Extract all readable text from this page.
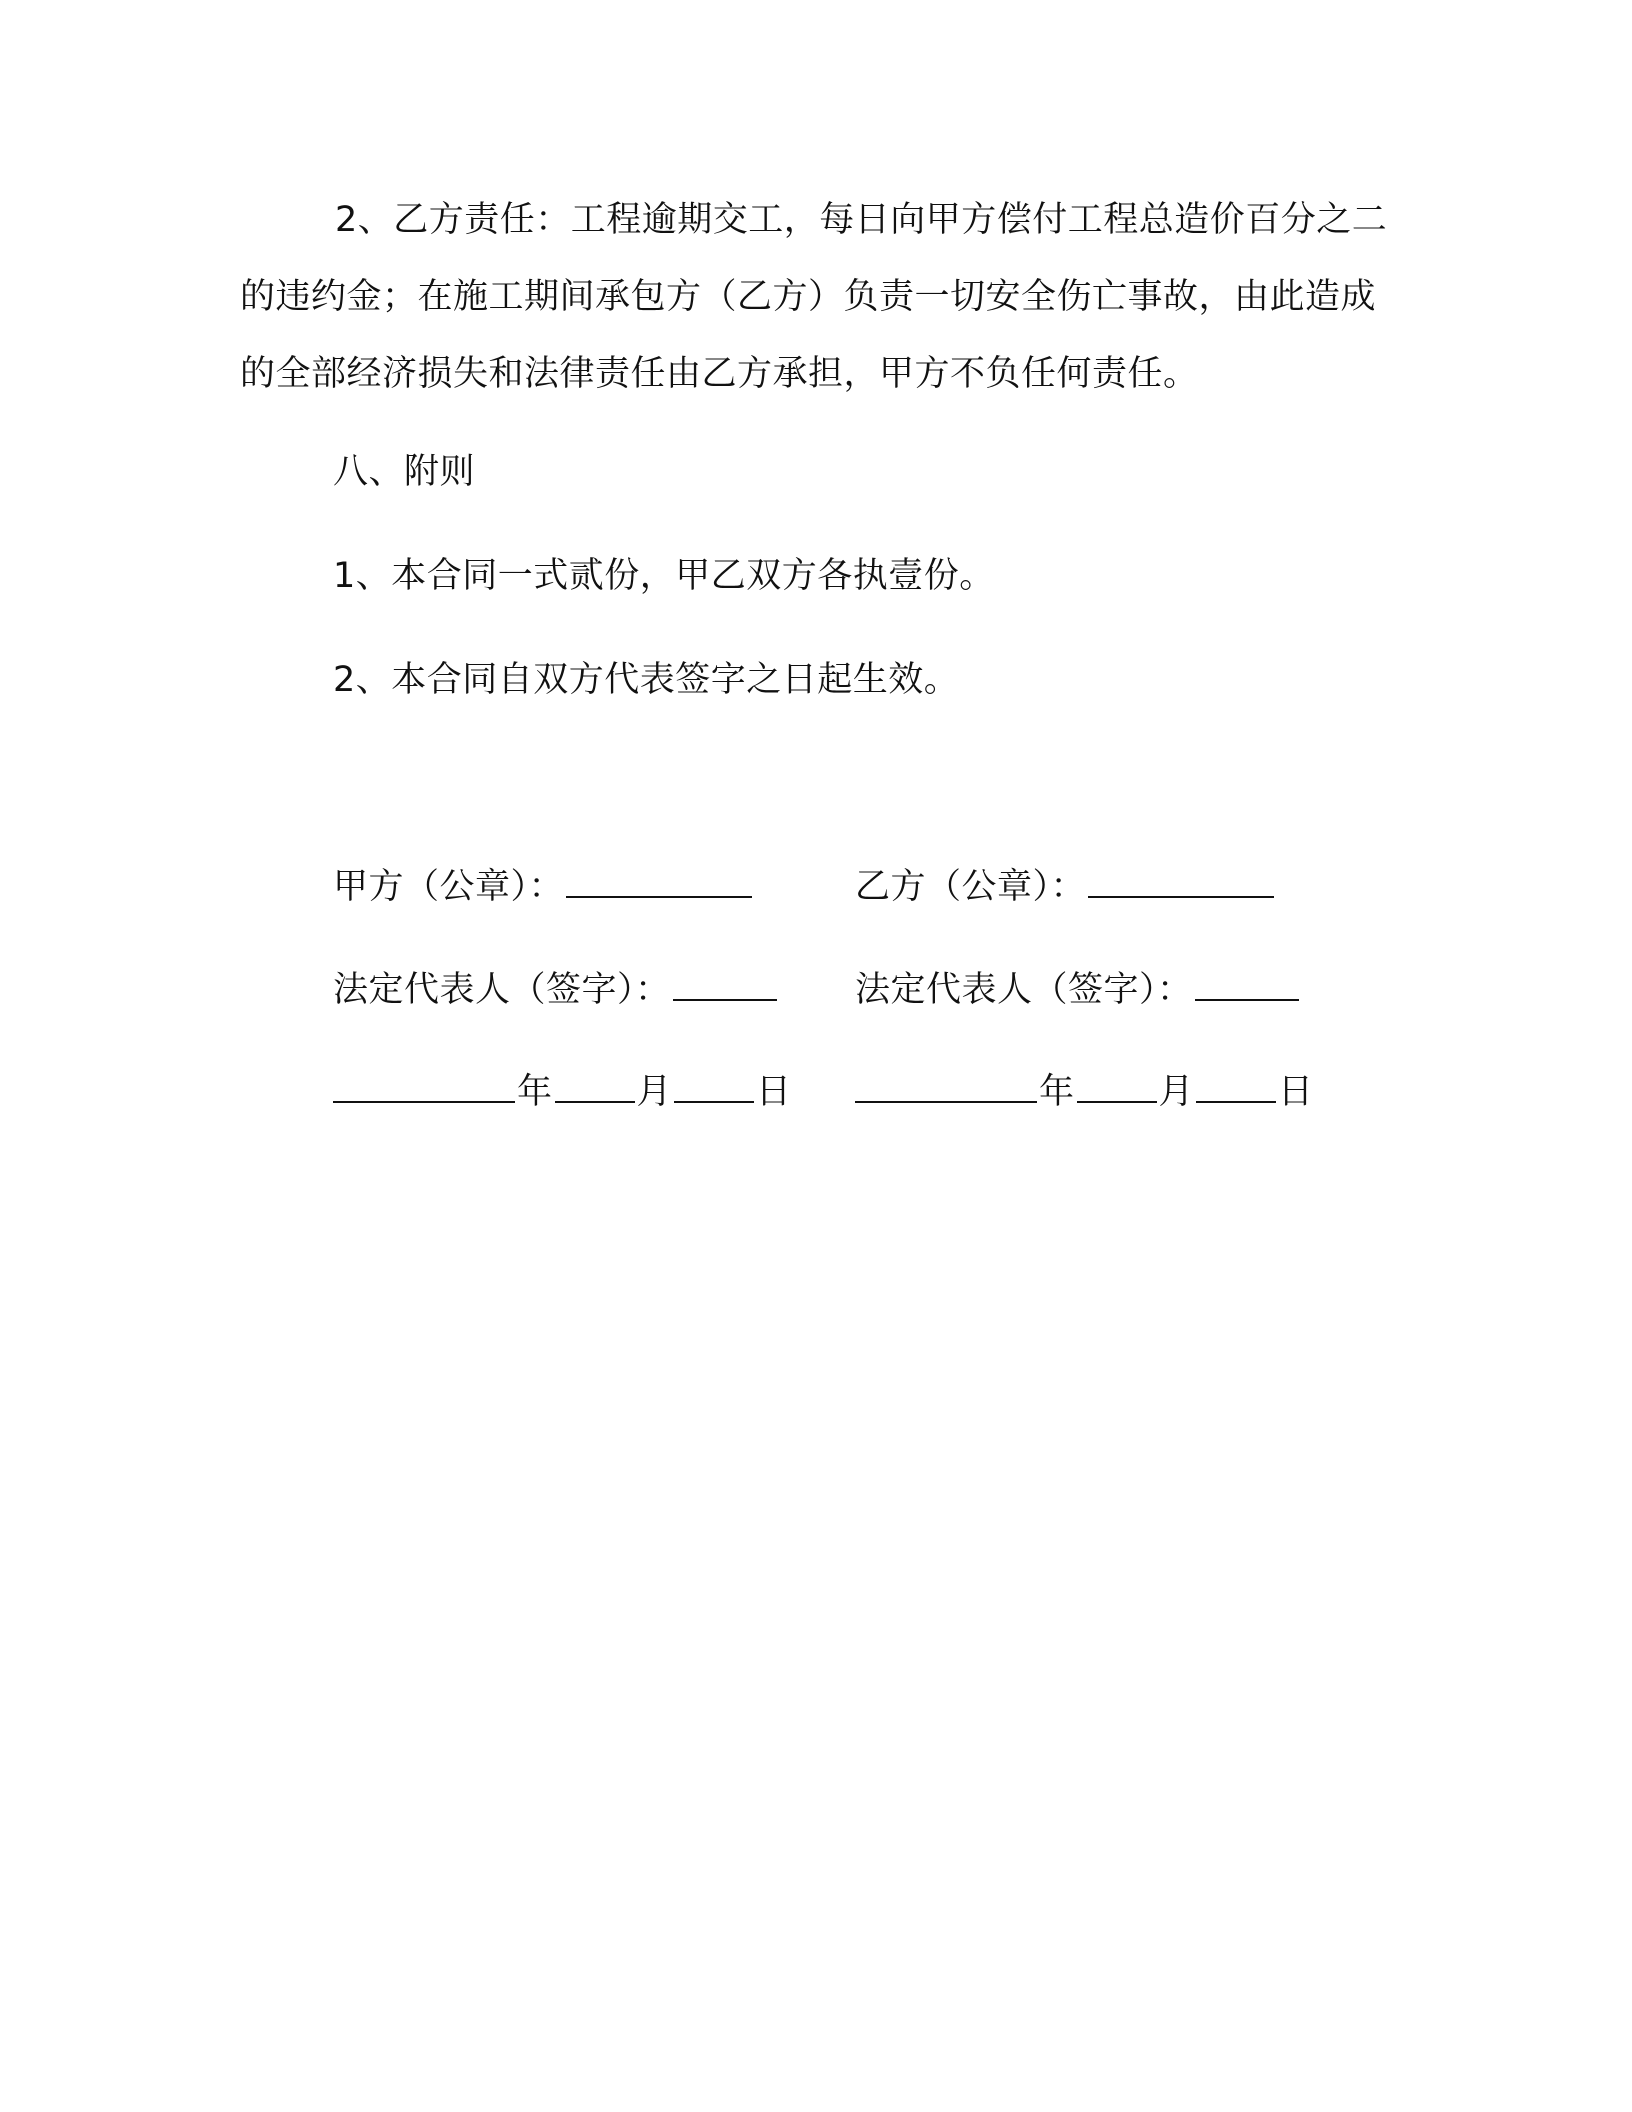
2、乙方责任：工程逾期交工，每日向甲方偿付工程总造价百分之二的违约金；在施工期间承包方（乙方）负责一切安全伤亡事故，由此造成的全部经济损失和法律责任由乙方承担，甲方不负任何责任。

八、附则

1、本合同一式贰份，甲乙双方各执壹份。

2、本合同自双方代表签字之日起生效。

甲方（公章）：
法定代表人（签字）：
年 月 日
乙方（公章）：
法定代表人（签字）：
年 月 日
